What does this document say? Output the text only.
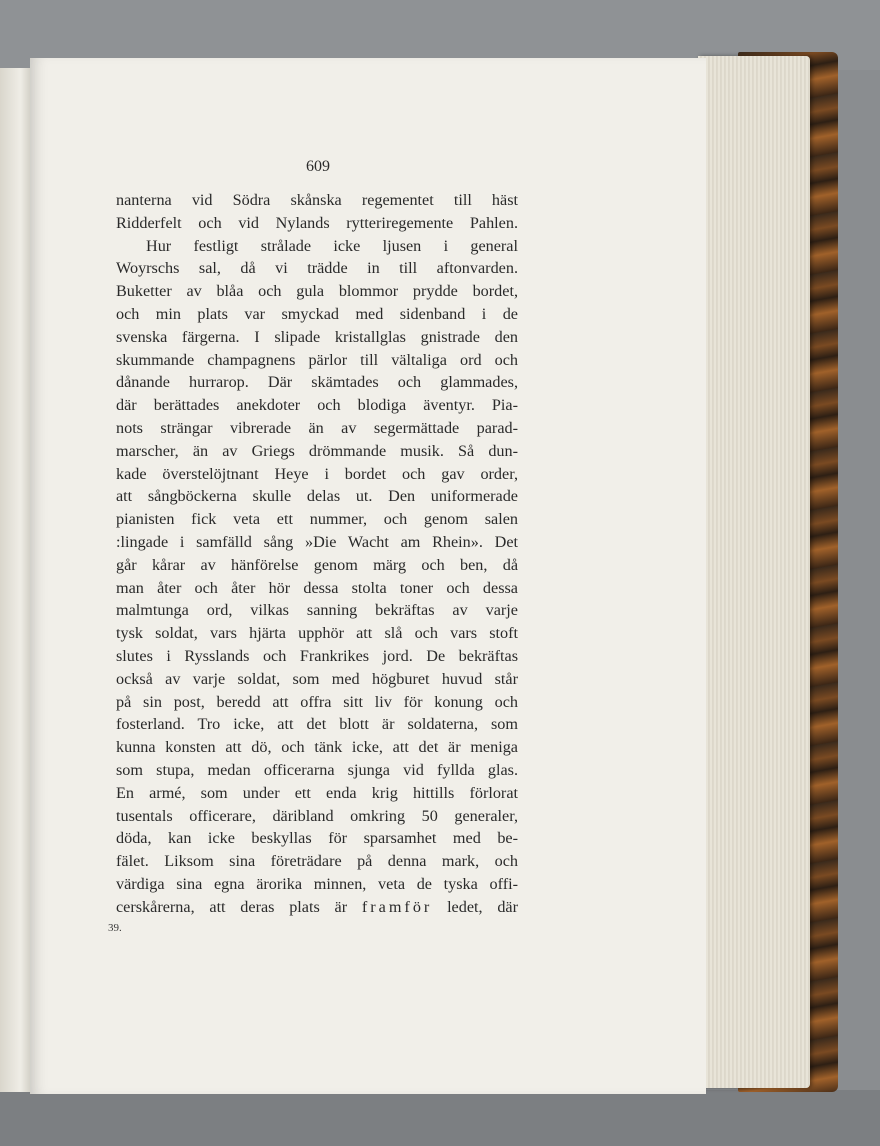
609
nanterna vid Södra skånska regementet till häst
Ridderfelt och vid Nylands rytteriregemente Pahlen.
Hur festligt strålade icke ljusen i general
Woyrschs sal, då vi trädde in till aftonvarden.
Buketter av blåa och gula blommor prydde bordet,
och min plats var smyckad med sidenband i de
svenska färgerna. I slipade kristallglas gnistrade den
skummande champagnens pärlor till vältaliga ord och
dånande hurrarop. Där skämtades och glammades,
där berättades anekdoter och blodiga äventyr. Pia-
nots strängar vibrerade än av segermättade parad-
marscher, än av Griegs drömmande musik. Så dun-
kade överstelöjtnant Heye i bordet och gav order,
att sångböckerna skulle delas ut. Den uniformerade
pianisten fick veta ett nummer, och genom salen
:lingade i samfälld sång »Die Wacht am Rhein». Det
går kårar av hänförelse genom märg och ben, då
man åter och åter hör dessa stolta toner och dessa
malmtunga ord, vilkas sanning bekräftas av varje
tysk soldat, vars hjärta upphör att slå och vars stoft
slutes i Rysslands och Frankrikes jord. De bekräftas
också av varje soldat, som med högburet huvud står
på sin post, beredd att offra sitt liv för konung och
fosterland. Tro icke, att det blott är soldaterna, som
kunna konsten att dö, och tänk icke, att det är meniga
som stupa, medan officerarna sjunga vid fyllda glas.
En armé, som under ett enda krig hittills förlorat
tusentals officerare, däribland omkring 50 generaler,
döda, kan icke beskyllas för sparsamhet med be-
fälet. Liksom sina företrädare på denna mark, och
värdiga sina egna ärorika minnen, veta de tyska offi-
cerskårerna, att deras plats är framför ledet, där
39.
